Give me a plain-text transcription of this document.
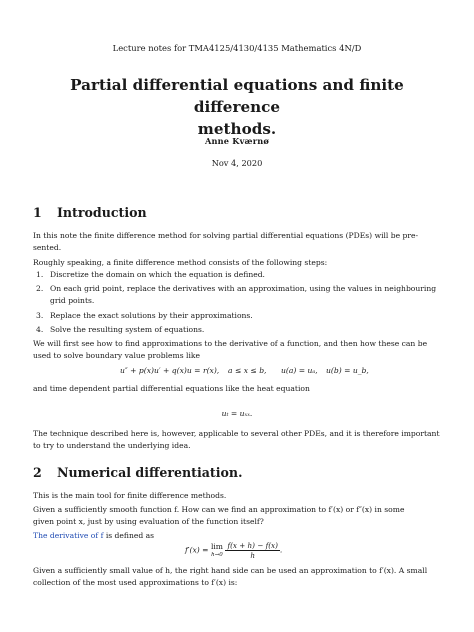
Lecture notes for TMA4125/4130/4135 Mathematics 4N/D
Partial differential equations and finite difference
methods.
Anne Kværnø
Nov 4, 2020
1 Introduction
In this note the finite difference method for solving partial differential equations (PDEs) will be pre-
sented.
Roughly speaking, a finite difference method consists of the following steps:
1. Discretize the domain on which the equation is defined.
2. On each grid point, replace the derivatives with an approximation, using the values in neighbouring
grid points.
3. Replace the exact solutions by their approximations.
4. Solve the resulting system of equations.
We will first see how to find approximations to the derivative of a function, and then how these can be
used to solve boundary value problems like
u″ + p(x)u′ + q(x)u = r(x), a ≤ x ≤ b, u(a) = uₐ, u(b) = u_b,
and time dependent partial differential equations like the heat equation
uₜ = uₓₓ.
The technique described here is, however, applicable to several other PDEs, and it is therefore important
to try to understand the underlying idea.
2 Numerical differentiation.
This is the main tool for finite difference methods.
Given a sufficiently smooth function f. How can we find an approximation to f′(x) or f″(x) in some
given point x, just by using evaluation of the function itself?
The derivative of f is defined as
f′(x) = lim
h→0
$\frac{f(x + h) - f(x)}{h}$ .
Given a sufficiently small value of h, the right hand side can be used an approximation to f′(x). A small
collection of the most used approximations to f′(x) is:
